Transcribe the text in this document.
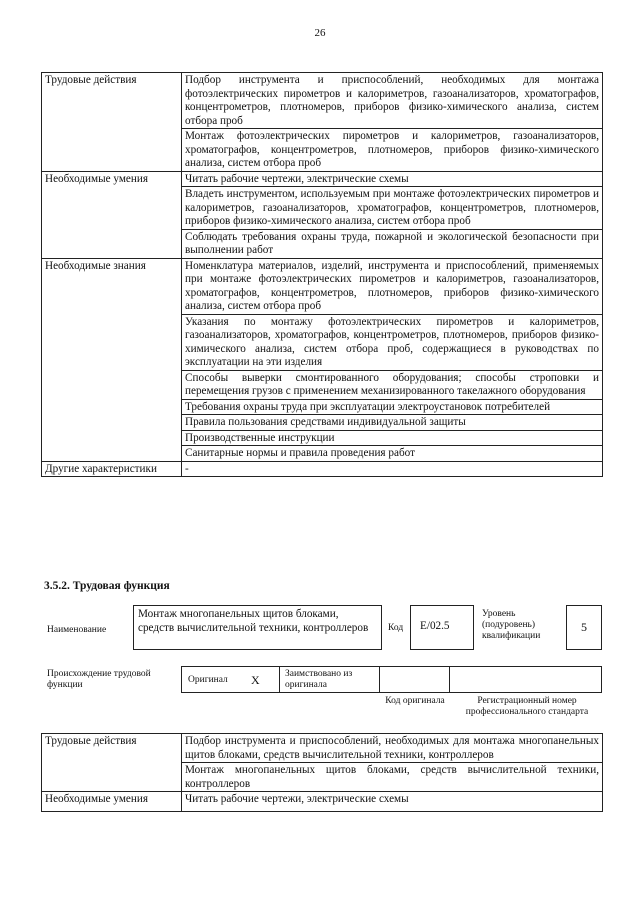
26
Трудовые действия	Подбор инструмента и приспособлений, необходимых для монтажа фотоэлектрических пирометров и калориметров, газоанализаторов, хроматографов, концентрометров, плотномеров, приборов физико-химического анализа, систем отбора проб
	Монтаж фотоэлектрических пирометров и калориметров, газоанализаторов, хроматографов, концентрометров, плотномеров, приборов физико-химического анализа, систем отбора проб
Необходимые умения	Читать рабочие чертежи, электрические схемы
	Владеть инструментом, используемым при монтаже фотоэлектрических пирометров и калориметров, газоанализаторов, хроматографов, концентрометров, плотномеров, приборов физико-химического анализа, систем отбора проб
	Соблюдать требования охраны труда, пожарной и экологической безопасности при выполнении работ
Необходимые знания	Номенклатура материалов, изделий, инструмента и приспособлений, применяемых при монтаже фотоэлектрических пирометров и калориметров, газоанализаторов, хроматографов, концентрометров, плотномеров, приборов физико-химического анализа, систем отбора проб
	Указания по монтажу фотоэлектрических пирометров и калориметров, газоанализаторов, хроматографов, концентрометров, плотномеров, приборов физико-химического анализа, систем отбора проб, содержащиеся в руководствах по эксплуатации на эти изделия
	Способы выверки смонтированного оборудования; способы строповки и перемещения грузов с применением механизированного такелажного оборудования
	Требования охраны труда при эксплуатации электроустановок потребителей
	Правила пользования средствами индивидуальной защиты
	Производственные инструкции
	Санитарные нормы и правила проведения работ
Другие характеристики	-
3.5.2. Трудовая функция
Наименование
Монтаж многопанельных щитов блоками, средств вычислительной техники, контроллеров	Код	E/02.5
Уровень (подуровень) квалификации
5
Происхождение трудовой функции	Оригинал X	Заимствовано из оригинала
Код оригинала	Регистрационный номер профессионального стандарта
Трудовые действия	Подбор инструмента и приспособлений, необходимых для монтажа многопанельных щитов блоками, средств вычислительной техники, контроллеров
	Монтаж многопанельных щитов блоками, средств вычислительной техники, контроллеров
Необходимые умения	Читать рабочие чертежи, электрические схемы
